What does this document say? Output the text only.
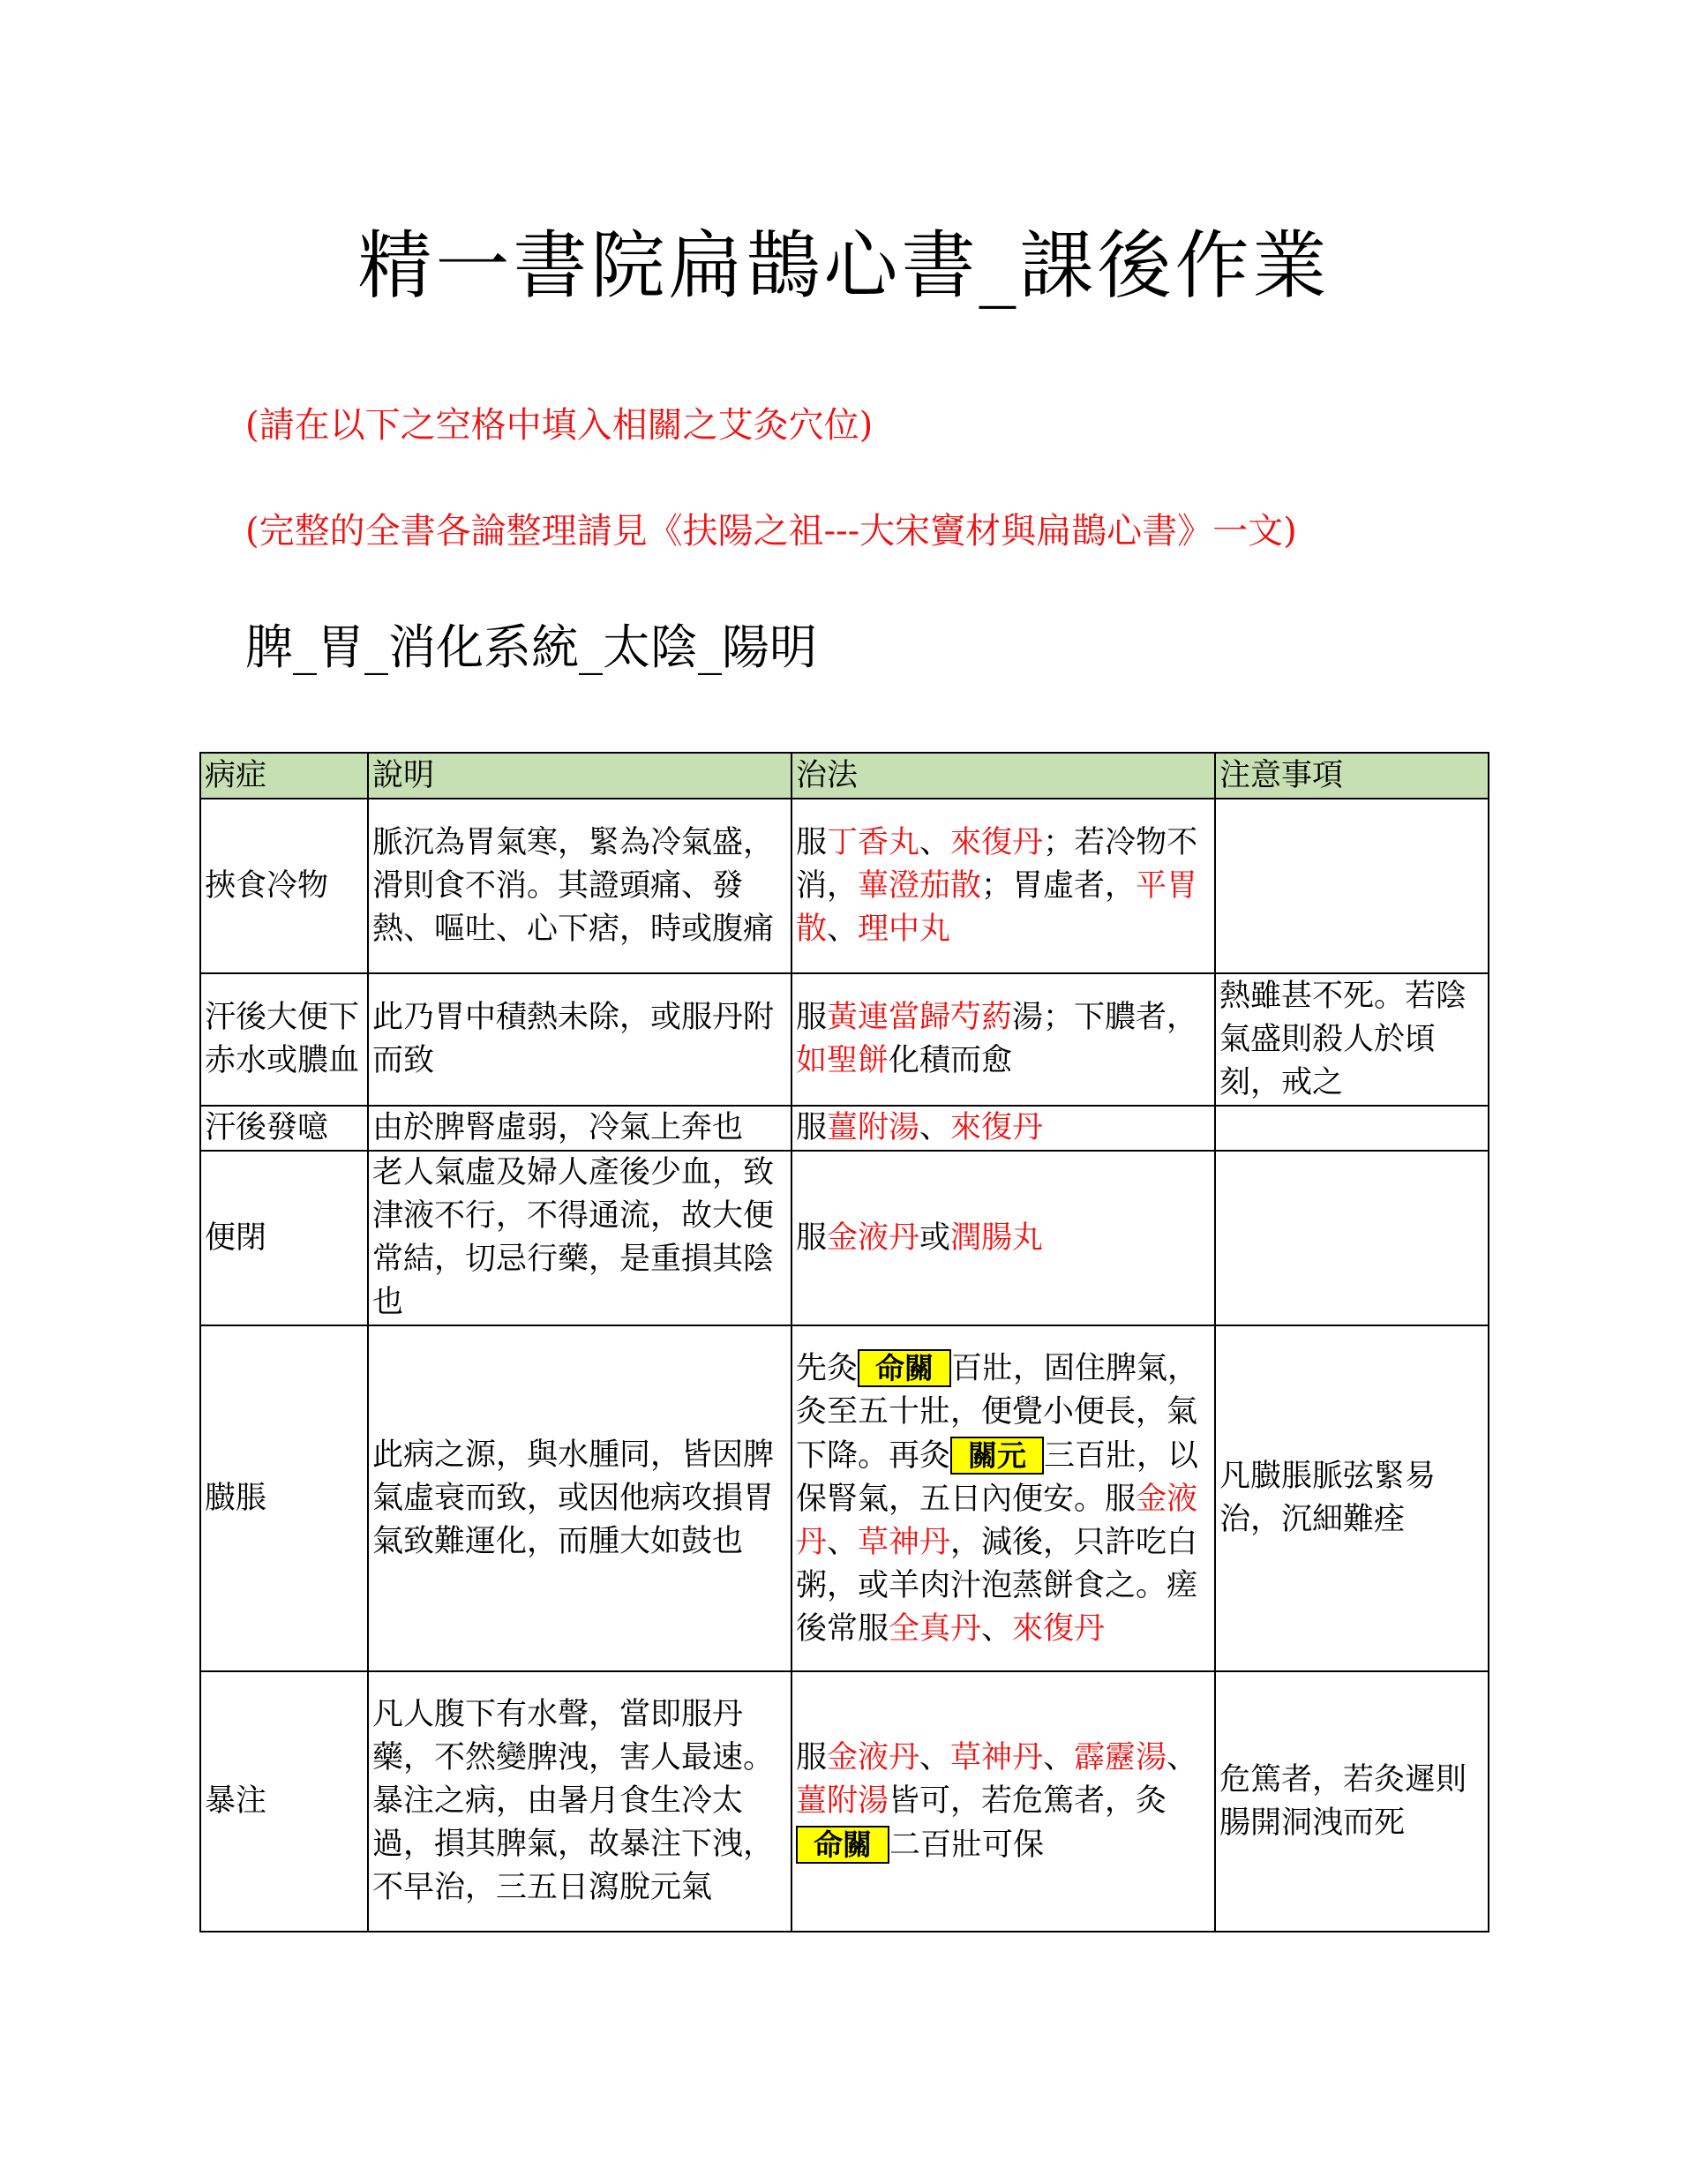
精一書院扁鵲心書_課後作業
(請在以下之空格中填入相關之艾灸穴位)
(完整的全書各論整理請見《扶陽之祖---大宋竇材與扁鵲心書》一文)
脾_胃_消化系統_太陰_陽明
病症	說明	治法	注意事項
挾食冷物	脈沉為胃氣寒，緊為冷氣盛，滑則食不消。其證頭痛、發熱、嘔吐、心下痞，時或腹痛	服丁香丸、來復丹；若冷物不消，蓽澄茄散；胃虛者，平胃散、理中丸	
汗後大便下赤水或膿血	此乃胃中積熱未除，或服丹附而致	服黃連當歸芍葯湯；下膿者，如聖餅化積而愈	熱雖甚不死。若陰氣盛則殺人於頃刻，戒之
汗後發噫	由於脾腎虛弱，冷氣上奔也	服薑附湯、來復丹	
便閉	老人氣虛及婦人產後少血，致津液不行，不得通流，故大便常結，切忌行藥，是重損其陰也	服金液丹或潤腸丸	
臌脹	此病之源，與水腫同，皆因脾氣虛衰而致，或因他病攻損胃氣致難運化，而腫大如鼓也	先灸 命關 百壯，固住脾氣，灸至五十壯，便覺小便長，氣下降。再灸 關元 三百壯，以保腎氣，五日內便安。服金液丹、草神丹，減後，只許吃白粥，或羊肉汁泡蒸餅食之。瘥後常服全真丹、來復丹	凡臌脹脈弦緊易治，沉細難痊
暴注	凡人腹下有水聲，當即服丹藥，不然變脾洩，害人最速。暴注之病，由暑月食生冷太過，損其脾氣，故暴注下洩，不早治，三五日瀉脫元氣	服金液丹、草神丹、霹靂湯、薑附湯皆可，若危篤者，灸命關 二百壯可保	危篤者，若灸遲則腸開洞洩而死
